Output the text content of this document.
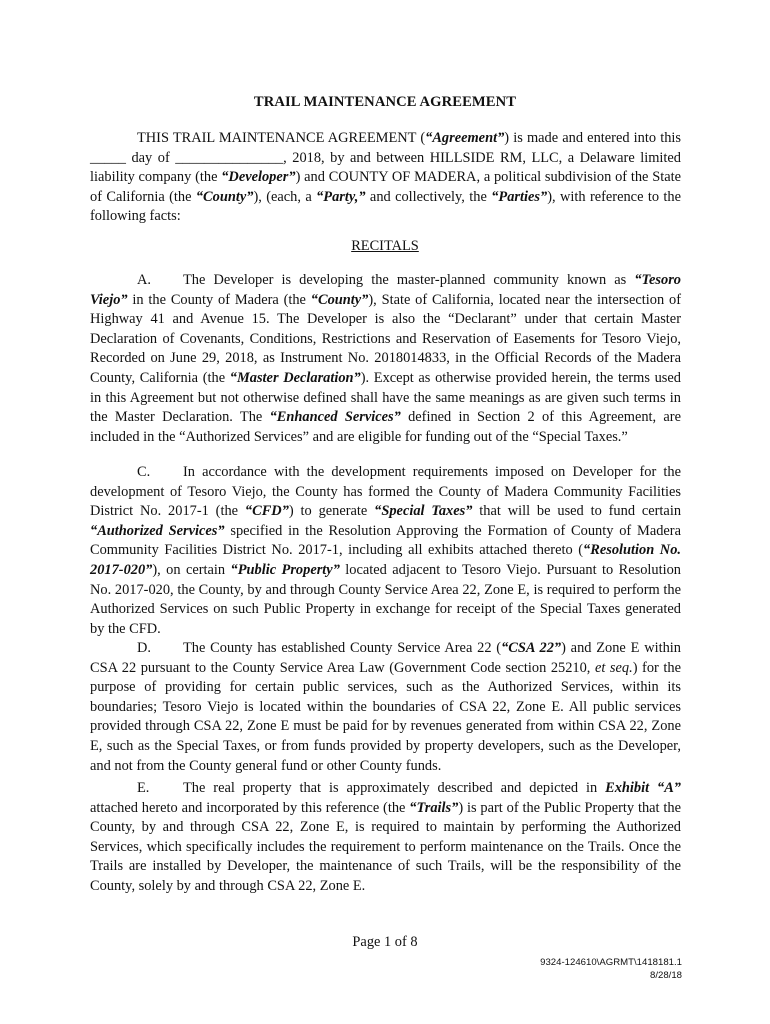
TRAIL MAINTENANCE AGREEMENT

THIS TRAIL MAINTENANCE AGREEMENT (“Agreement”) is made and entered into this _____ day of _______________, 2018, by and between HILLSIDE RM, LLC, a Delaware limited liability company (the “Developer”) and COUNTY OF MADERA, a political subdivision of the State of California (the “County”), (each, a “Party,” and collectively, the “Parties”), with reference to the following facts:

RECITALS

A. The Developer is developing the master-planned community known as “Tesoro Viejo” in the County of Madera (the “County”), State of California, located near the intersection of Highway 41 and Avenue 15. The Developer is also the “Declarant” under that certain Master Declaration of Covenants, Conditions, Restrictions and Reservation of Easements for Tesoro Viejo, Recorded on June 29, 2018, as Instrument No. 2018014833, in the Official Records of the Madera County, California (the “Master Declaration”). Except as otherwise provided herein, the terms used in this Agreement but not otherwise defined shall have the same meanings as are given such terms in the Master Declaration. The “Enhanced Services” defined in Section 2 of this Agreement, are included in the “Authorized Services” and are eligible for funding out of the “Special Taxes.”

C. In accordance with the development requirements imposed on Developer for the development of Tesoro Viejo, the County has formed the County of Madera Community Facilities District No. 2017-1 (the “CFD”) to generate “Special Taxes” that will be used to fund certain “Authorized Services” specified in the Resolution Approving the Formation of County of Madera Community Facilities District No. 2017-1, including all exhibits attached thereto (“Resolution No. 2017-020”), on certain “Public Property” located adjacent to Tesoro Viejo. Pursuant to Resolution No. 2017-020, the County, by and through County Service Area 22, Zone E, is required to perform the Authorized Services on such Public Property in exchange for receipt of the Special Taxes generated by the CFD.

D. The County has established County Service Area 22 (“CSA 22”) and Zone E within CSA 22 pursuant to the County Service Area Law (Government Code section 25210, et seq.) for the purpose of providing for certain public services, such as the Authorized Services, within its boundaries; Tesoro Viejo is located within the boundaries of CSA 22, Zone E. All public services provided through CSA 22, Zone E must be paid for by revenues generated from within CSA 22, Zone E, such as the Special Taxes, or from funds provided by property developers, such as the Developer, and not from the County general fund or other County funds.

E. The real property that is approximately described and depicted in Exhibit “A” attached hereto and incorporated by this reference (the “Trails”) is part of the Public Property that the County, by and through CSA 22, Zone E, is required to maintain by performing the Authorized Services, which specifically includes the requirement to perform maintenance on the Trails. Once the Trails are installed by Developer, the maintenance of such Trails, will be the responsibility of the County, solely by and through CSA 22, Zone E.

Page 1 of 8
9324-124610\AGRMT\1418181.1
8/28/18
